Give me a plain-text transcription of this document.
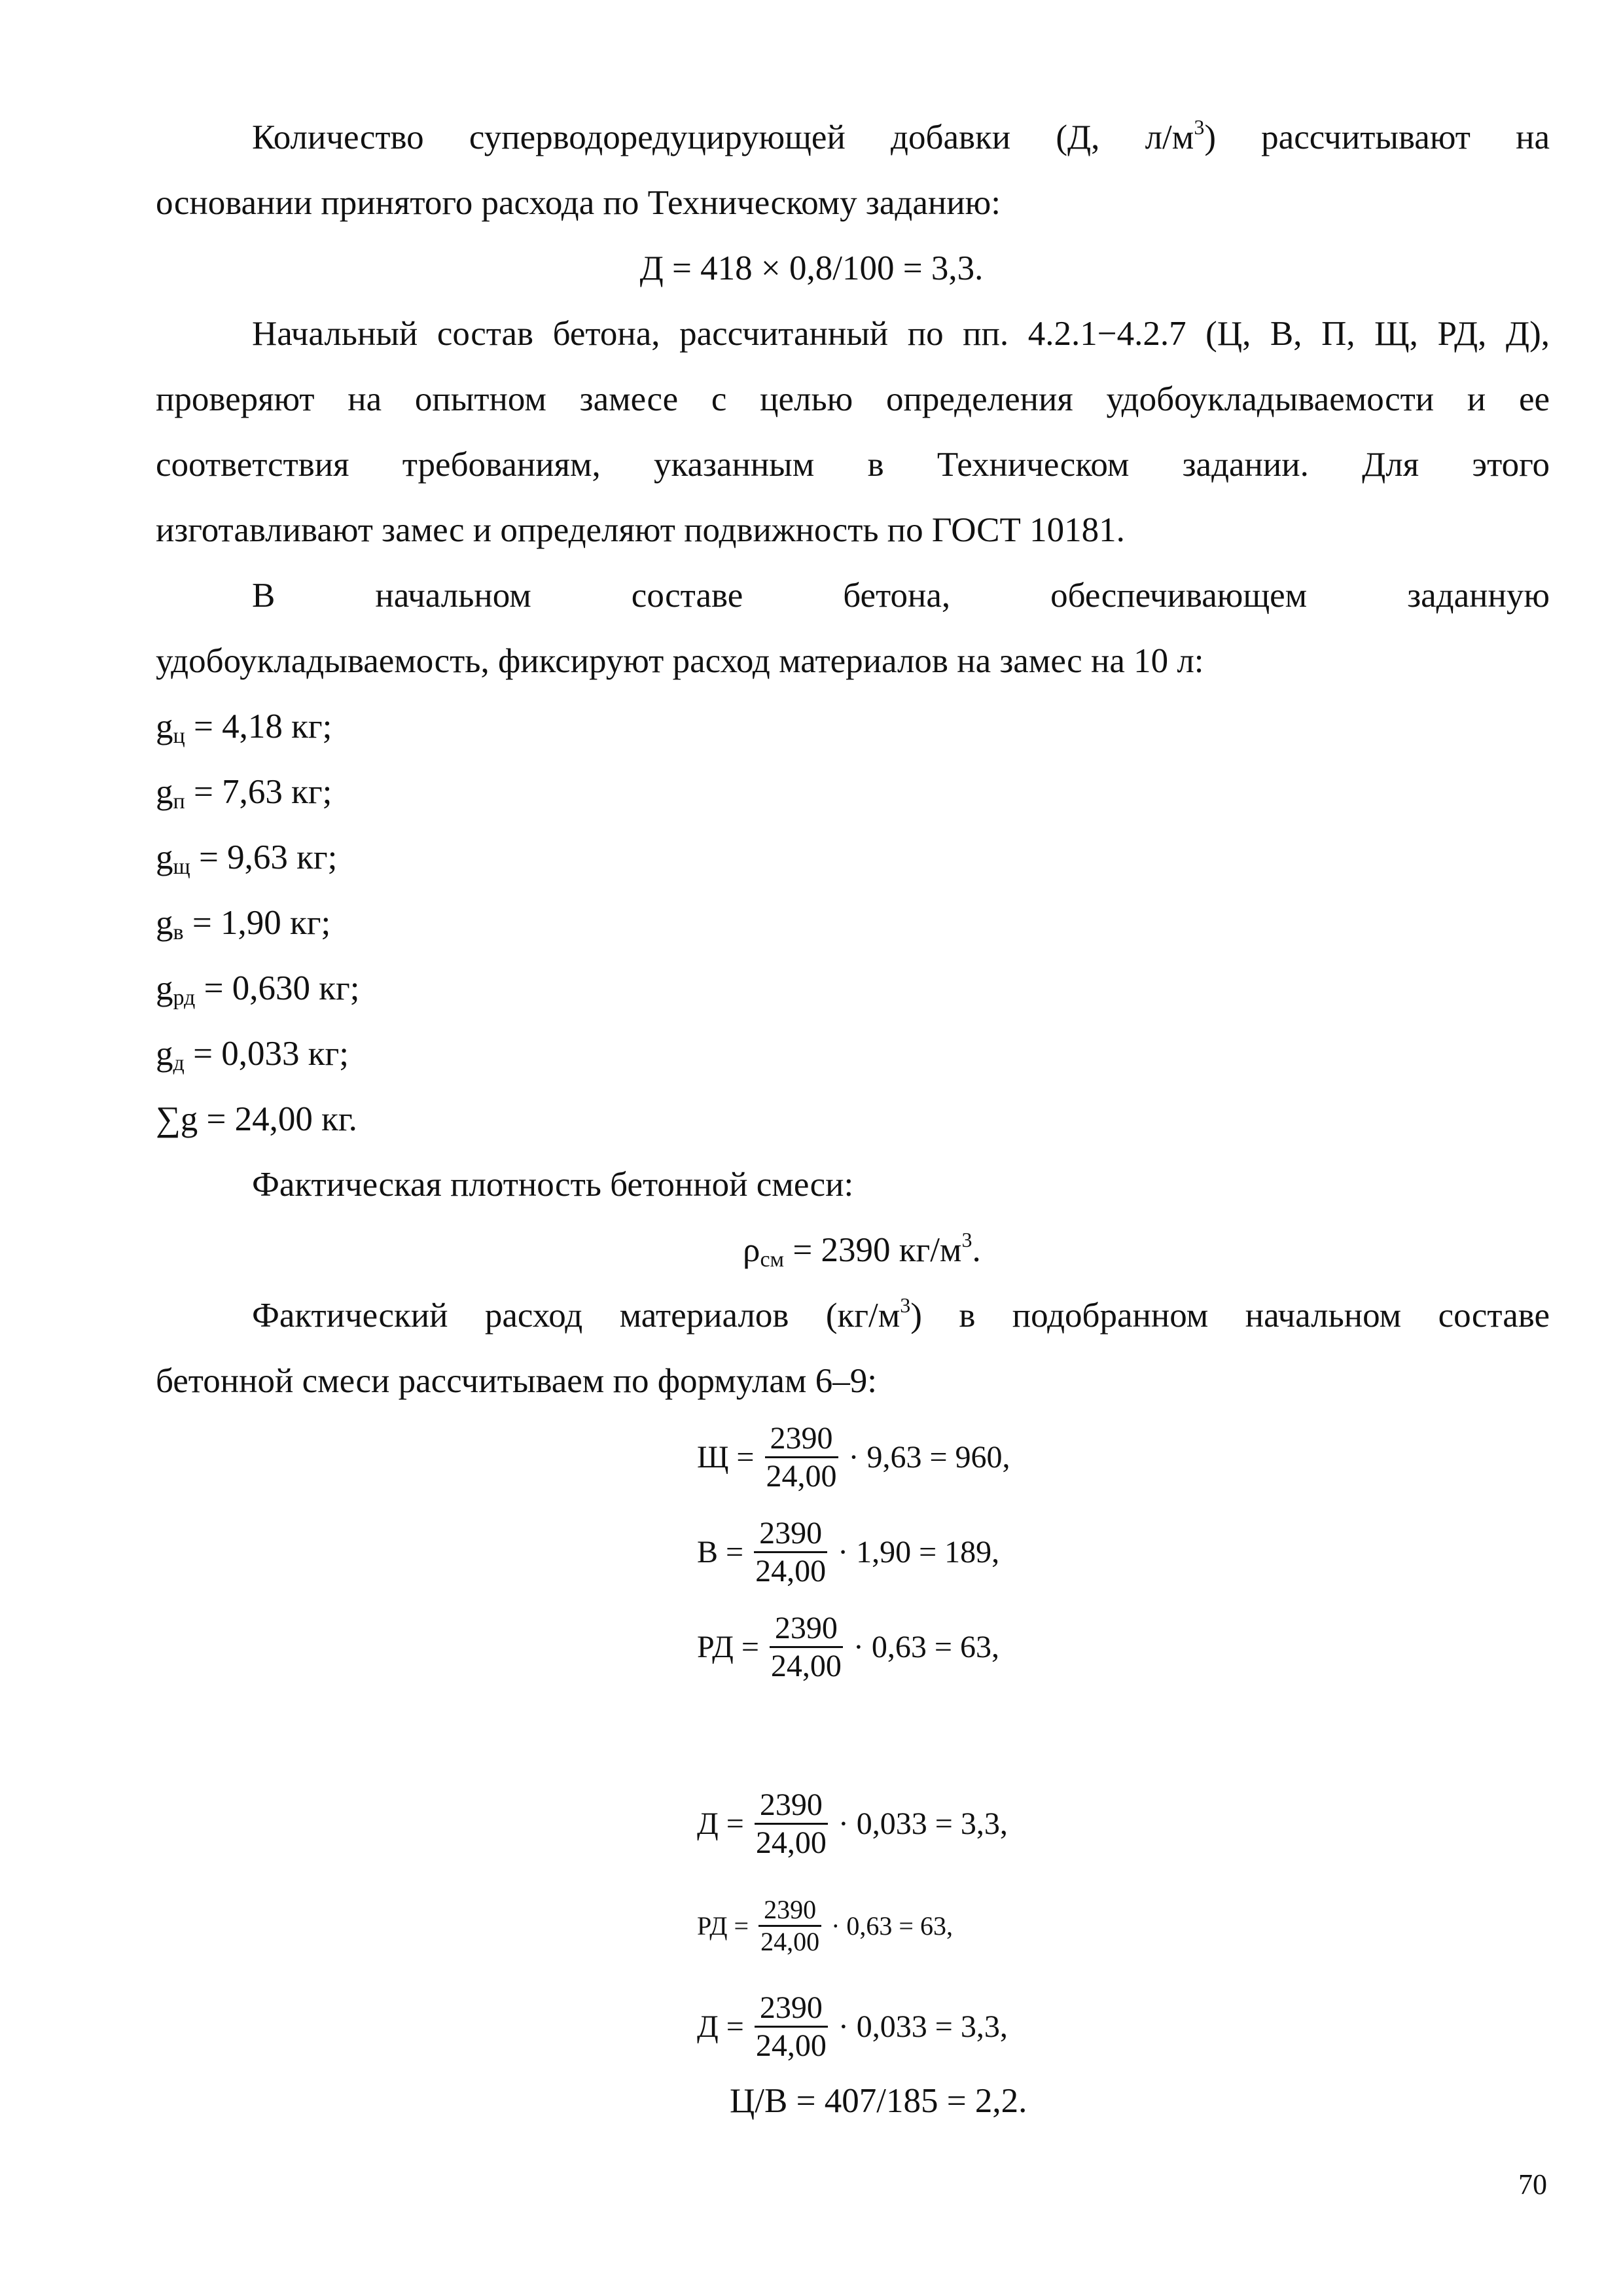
Количество суперводоредуцирующей добавки (Д, $л/м^3$) рассчитывают на
основании принятого расхода по Техническому заданию:
Д = 418 × 0,8/100 = 3,3.
Начальный состав бетона, рассчитанный по пп. 4.2.1−4.2.7 (Ц, В, П, Щ, РД, Д),
проверяют на опытном замесе с целью определения удобоукладываемости и ее
соответствия требованиям, указанным в Техническом задании. Для этого
изготавливают замес и определяют подвижность по ГОСТ 10181.
В начальном составе бетона, обеспечивающем заданную
удобоукладываемость, фиксируют расход материалов на замес на 10 л:
$g_ц = 4,18$ кг;
$g_п = 7,63$ кг;
$g_щ = 9,63$ кг;
$g_в = 1,90$ кг;
$g_{рд} = 0,630$ кг;
$g_д = 0,033$ кг;
∑g = 24,00 кг.
Фактическая плотность бетонной смеси:
$\rho_{см} = 2390$ $кг/м^3$.
Фактический расход материалов $(кг/м^3)$ в подобранном начальном составе
бетонной смеси рассчитываем по формулам 6–9:
$Щ = \frac{2390}{24,00} \cdot 9,63 = 960$,
$В = \frac{2390}{24,00} \cdot 1,90 = 189$,
РД = $\frac{2390}{24,00} \cdot 0,63 = 63$,
$Д = \frac{2390}{24,00} \cdot 0,033 = 3,3$,
РД = $\frac{2390}{24,00} \cdot 0,63 = 63$,
$Д = \frac{2390}{24,00} \cdot 0,033 = 3,3$,
Ц/В = 407/185 = 2,2.
70
